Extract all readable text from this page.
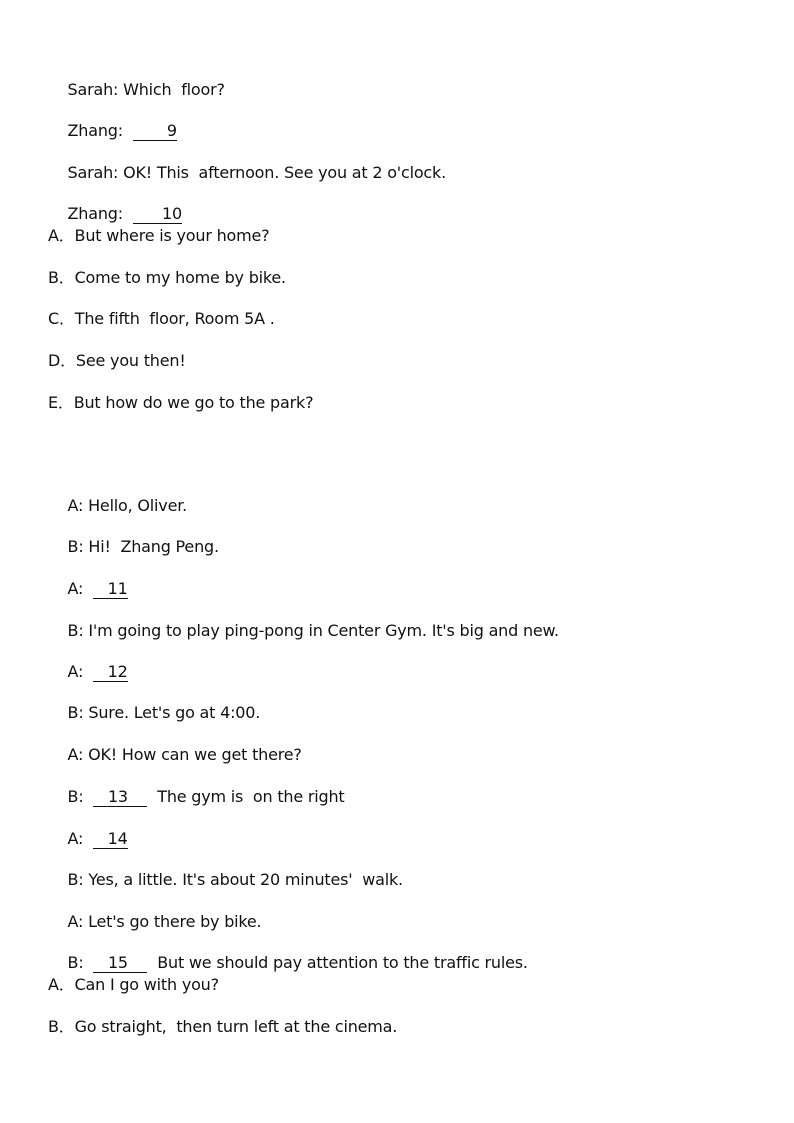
Sarah: Which  floor?

Zhang:         9

Sarah: OK! This  afternoon. See you at 2 o'clock.

Zhang:        10

A．But where is your home?
B．Come to my home by bike.
C．The fifth  floor, Room 5A .
D．See you then!
E．But how do we go to the park?

A: Hello, Oliver.

B: Hi!  Zhang Peng.

A:     11

B: I'm going to play ping-pong in Center Gym. It's big and new.

A:     12

B: Sure. Let's go at 4:00.

A: OK! How can we get there?

B:     13      The gym is  on the right

A:     14

B: Yes, a little. It's about 20 minutes'  walk.

A: Let's go there by bike.

B:     15      But we should pay attention to the traffic rules.

A．Can I go with you?
B．Go straight,  then turn left at the cinema.
